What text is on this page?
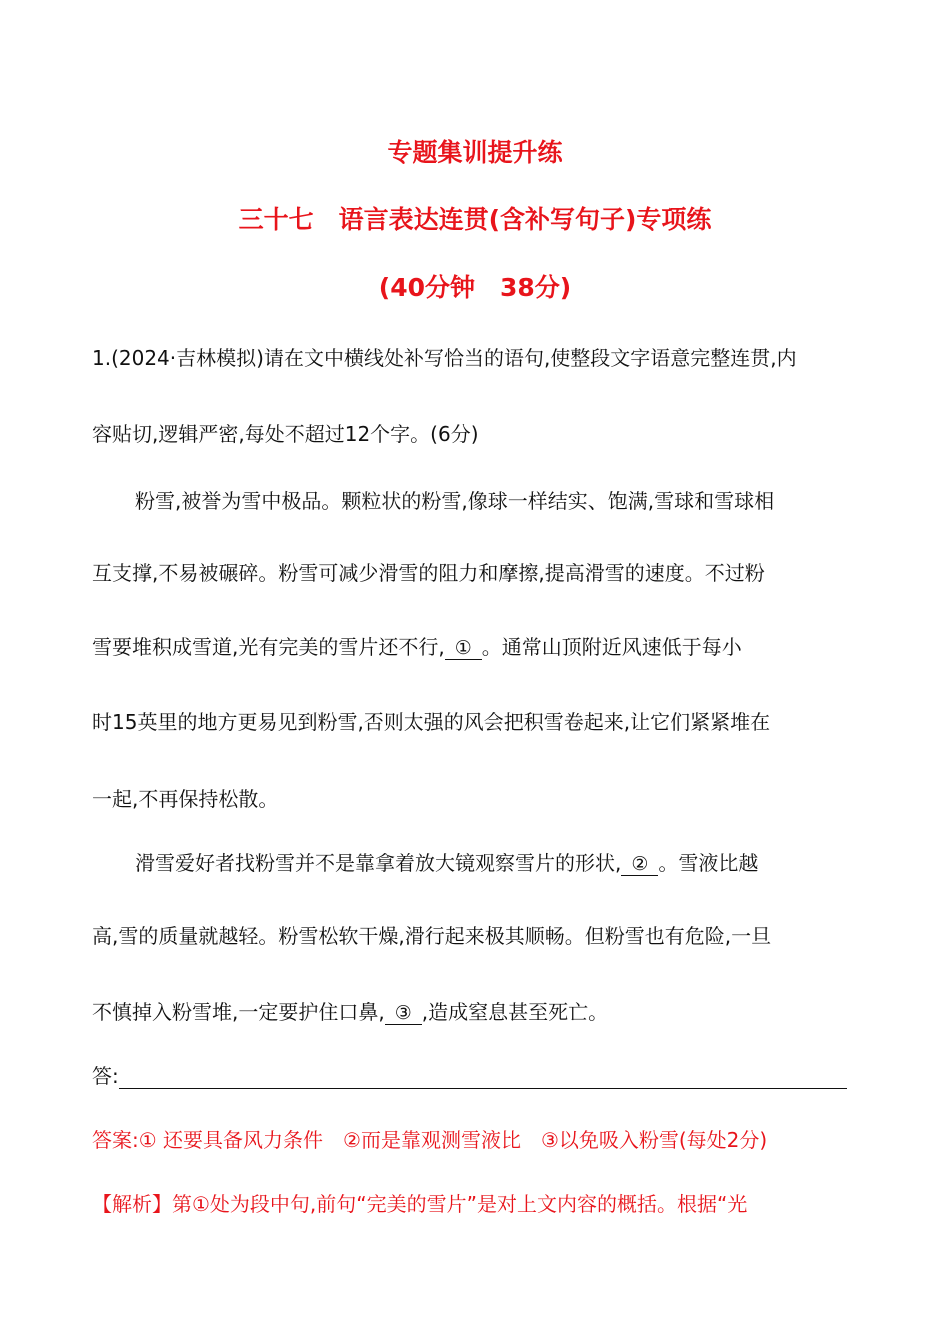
专题集训提升练
三十七　语言表达连贯(含补写句子)专项练
(40分钟　38分)
1.(2024·吉林模拟)请在文中横线处补写恰当的语句,使整段文字语意完整连贯,内
容贴切,逻辑严密,每处不超过12个字。(6分)
粉雪,被誉为雪中极品。颗粒状的粉雪,像球一样结实、饱满,雪球和雪球相
互支撑,不易被碾碎。粉雪可减少滑雪的阻力和摩擦,提高滑雪的速度。不过粉
雪要堆积成雪道,光有完美的雪片还不行, ① 。通常山顶附近风速低于每小
时15英里的地方更易见到粉雪,否则太强的风会把积雪卷起来,让它们紧紧堆在
一起,不再保持松散。
滑雪爱好者找粉雪并不是靠拿着放大镜观察雪片的形状, ② 。雪液比越
高,雪的质量就越轻。粉雪松软干燥,滑行起来极其顺畅。但粉雪也有危险,一旦
不慎掉入粉雪堆,一定要护住口鼻, ③ ,造成窒息甚至死亡。
答:
答案:① 还要具备风力条件　②而是靠观测雪液比　③以免吸入粉雪(每处2分)
【解析】第①处为段中句,前句“完美的雪片”是对上文内容的概括。根据“光
